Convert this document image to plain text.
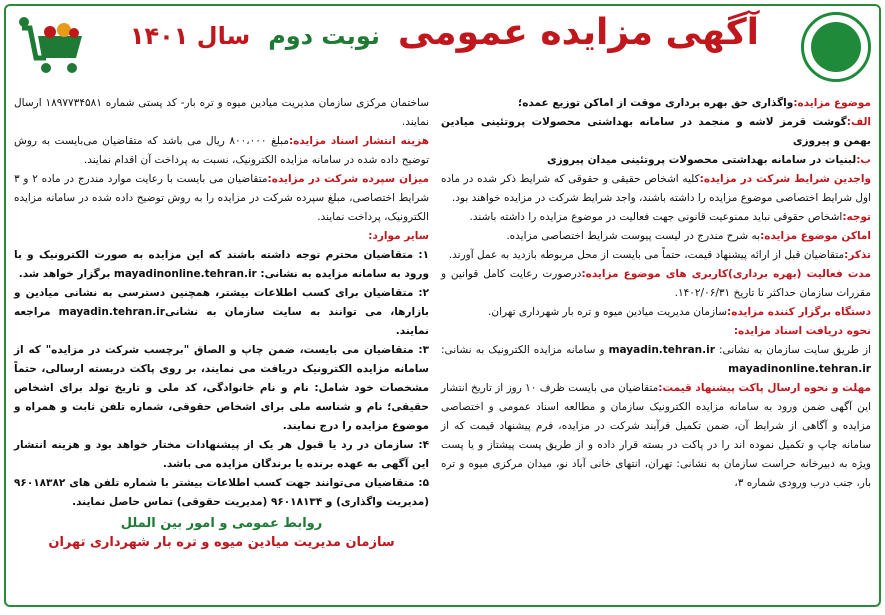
آگهی مزایده عمومی
نوبت دوم
سال ۱۴۰۱

موضوع مزایده:واگذاری حق بهره برداری موقت از اماکن توزیع عمده؛

الف:گوشت قرمز لاشه و منجمد در سامانه بهداشتی محصولات پروتئینی میادین بهمن و پیروزی

ب:لبنیات در سامانه بهداشتی محصولات پروتئینی میدان پیروزی

واجدین شرایط شرکت در مزایده:کلیه اشخاص حقیقی و حقوقی که شرایط ذکر شده در ماده اول شرایط اختصاصی موضوع مزایده را داشته باشند، واجد شرایط شرکت در مزایده خواهند بود.

توجه:اشخاص حقوقی نباید ممنوعیت قانونی جهت فعالیت در موضوع مزایده را داشته باشند.

اماکن موضوع مزایده:به شرح مندرج در لیست پیوست شرایط اختصاصی مزایده.

تذکر:متقاضیان قبل از ارائه پیشنهاد قیمت، حتماً می بایست از محل مربوطه بازدید به عمل آورند.

مدت فعالیت (بهره برداری)کاربری های موضوع مزایده:درصورت رعایت کامل قوانین و مقررات سازمان حداکثر تا تاریخ ۱۴۰۲/۰۶/۳۱.

دستگاه برگزار کننده مزایده:سازمان مدیریت میادین میوه و تره بار شهرداری تهران.

نحوه دریافت اسناد مزایده:

از طریق سایت سازمان به نشانی: mayadin.tehran.ir و سامانه مزایده الکترونیک به نشانی: mayadinonline.tehran.ir

مهلت و نحوه ارسال پاکت پیشنهاد قیمت:متقاضیان می بایست ظرف ۱۰ روز از تاریخ انتشار این آگهی ضمن ورود به سامانه مزایده الکترونیک سازمان و مطالعه اسناد عمومی و اختصاصی مزایده و آگاهی از شرایط آن، ضمن تکمیل فرآیند شرکت در مزایده، فرم پیشنهاد قیمت که از سامانه چاپ و تکمیل نموده اند را در پاکت در بسته قرار داده و از طریق پست پیشتاز و یا پست ویژه به دبیرخانه حراست سازمان به نشانی: تهران، انتهای خانی آباد نو، میدان مرکزی میوه و تره بار، جنب درب ورودی شماره ۳،

ساختمان مرکزی سازمان مدیریت میادین میوه و تره بار- کد پستی شماره ۱۸۹۷۷۳۴۵۸۱ ارسال نمایند.

هزینه انتشار اسناد مزایده:مبلغ ۸۰۰،۰۰۰ ریال می باشد که متقاضیان می‌بایست به روش توضیح داده شده در سامانه مزایده الکترونیک، نسبت به پرداخت آن اقدام نمایند.

میزان سپرده شرکت در مزایده:متقاضیان می بایست با رعایت موارد مندرج در ماده ۲ و ۳ شرایط اختصاصی، مبلغ سپرده شرکت در مزایده را به روش توضیح داده شده در سامانه مزایده الکترونیک، پرداخت نمایند.

سایر موارد:

۱: متقاضیان محترم توجه داشته باشند که این مزایده به صورت الکترونیک و با ورود به سامانه مزایده به نشانی: mayadinonline.tehran.ir برگزار خواهد شد.

۲: متقاضیان برای کسب اطلاعات بیشتر، همچنین دسترسی به نشانی میادین و بازارها، می توانند به سایت سازمان به نشانیmayadin.tehran.ir مراجعه نمایند.

۳: متقاضیان می بایست، ضمن چاپ و الصاق "برچسب شرکت در مزایده" که از سامانه مزایده الکترونیک دریافت می نمایند، بر روی پاکت دربسته ارسالی، حتماً مشخصات خود شامل: نام و نام خانوادگی، کد ملی و تاریخ تولد برای اشخاص حقیقی؛ نام و شناسه ملی برای اشخاص حقوقی، شماره تلفن ثابت و همراه و موضوع مزایده را درج نمایند.

۴: سازمان در رد یا قبول هر یک از پیشنهادات مختار خواهد بود و هزینه انتشار این آگهی به عهده برنده یا برندگان مزایده می باشد.

۵: متقاضیان می‌توانند جهت کسب اطلاعات بیشتر با شماره تلفن های ۹۶۰۱۸۳۸۲ (مدیریت واگذاری) و ۹۶۰۱۸۱۳۴ (مدیریت حقوقی) تماس حاصل نمایند.

روابط عمومی و امور بین الملل
سازمان مدیریت میادین میوه و تره بار شهرداری تهران
